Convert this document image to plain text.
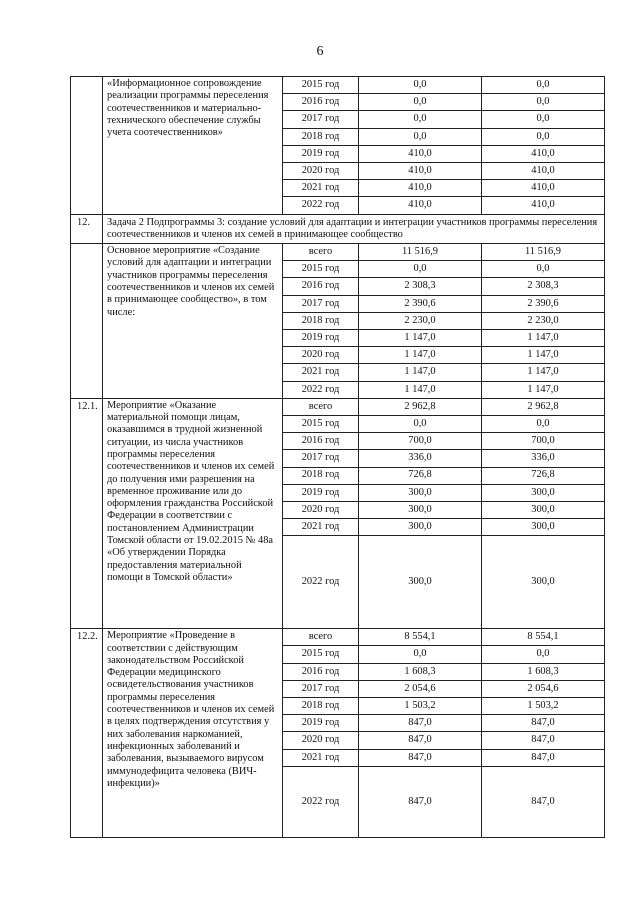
6
	«Информационное сопровождение реализации программы переселения соотечественников и материально-технического обеспечение службы учета соотечественников»	2015 год	0,0	0,0
		2016 год	0,0	0,0
		2017 год	0,0	0,0
		2018 год	0,0	0,0
		2019 год	410,0	410,0
		2020 год	410,0	410,0
		2021 год	410,0	410,0
		2022 год	410,0	410,0
12.	Задача 2 Подпрограммы 3: создание условий для адаптации и интеграции участников программы переселения соотечественников и членов их семей в принимающее сообщество			
	Основное мероприятие «Создание условий для адаптации и интеграции участников программы переселения соотечественников и членов их семей в принимающее сообщество», в том числе:	всего	11 516,9	11 516,9
		2015 год	0,0	0,0
		2016 год	2 308,3	2 308,3
		2017 год	2 390,6	2 390,6
		2018 год	2 230,0	2 230,0
		2019 год	1 147,0	1 147,0
		2020 год	1 147,0	1 147,0
		2021 год	1 147,0	1 147,0
		2022 год	1 147,0	1 147,0
12.1.	Мероприятие «Оказание материальной помощи лицам, оказавшимся в трудной жизненной ситуации, из числа участников программы переселения соотечественников и членов их семей до получения ими разрешения на временное проживание или до оформления гражданства Российской Федерации в соответствии с постановлением Администрации Томской области от 19.02.2015 № 48а «Об утверждении Порядка предоставления материальной помощи в Томской области»	всего	2 962,8	2 962,8
		2015 год	0,0	0,0
		2016 год	700,0	700,0
		2017 год	336,0	336,0
		2018 год	726,8	726,8
		2019 год	300,0	300,0
		2020 год	300,0	300,0
		2021 год	300,0	300,0
		2022 год	300,0	300,0
12.2.	Мероприятие «Проведение в соответствии с действующим законодательством Российской Федерации медицинского освидетельствования участников программы переселения соотечественников и членов их семей в целях подтверждения отсутствия у них заболевания наркоманией, инфекционных заболеваний и заболевания, вызываемого вирусом иммунодефицита человека (ВИЧ-инфекции)»	всего	8 554,1	8 554,1
		2015 год	0,0	0,0
		2016 год	1 608,3	1 608,3
		2017 год	2 054,6	2 054,6
		2018 год	1 503,2	1 503,2
		2019 год	847,0	847,0
		2020 год	847,0	847,0
		2021 год	847,0	847,0
		2022 год	847,0	847,0
